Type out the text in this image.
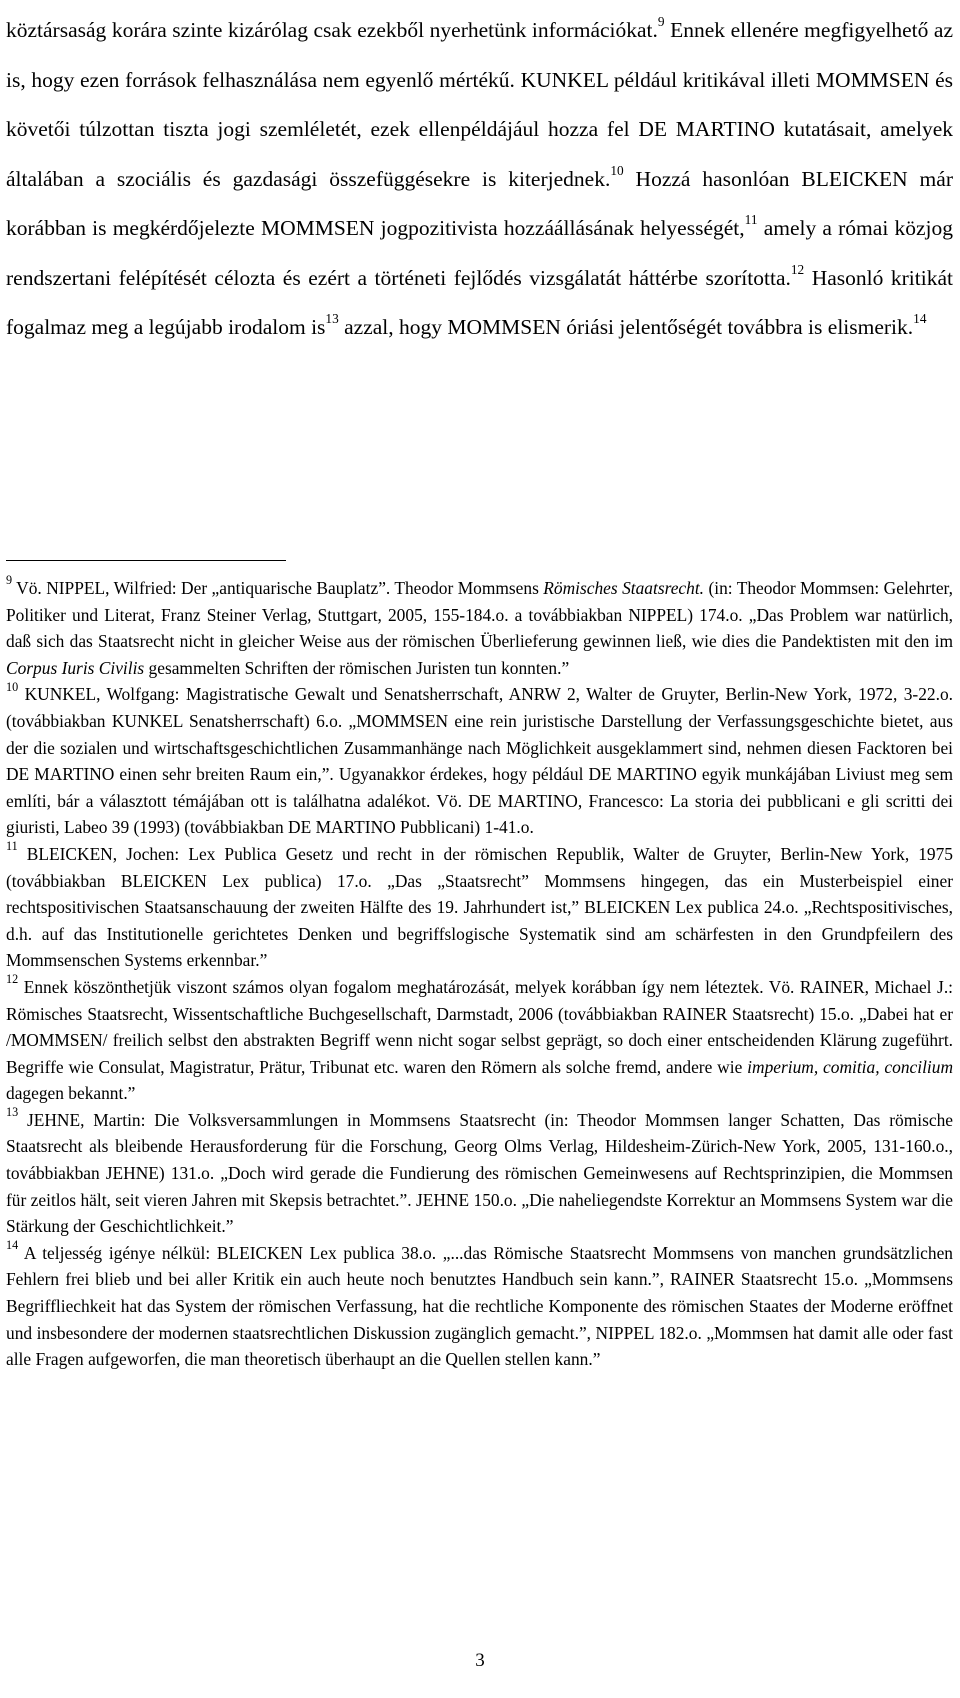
köztársaság korára szinte kizárólag csak ezekből nyerhetünk információkat.$^9$ Ennek ellenére megfigyelhető az is, hogy ezen források felhasználása nem egyenlő mértékű. KUNKEL például kritikával illeti MOMMSEN és követői túlzottan tiszta jogi szemléletét, ezek ellenpéldájául hozza fel DE MARTINO kutatásait, amelyek általában a szociális és gazdasági összefüggésekre is kiterjednek.$^{10}$ Hozzá hasonlóan BLEICKEN már korábban is megkérdőjelezte MOMMSEN jogpozitivista hozzáállásának helyességét,$^{11}$ amely a római közjog rendszertani felépítését célozta és ezért a történeti fejlődés vizsgálatát háttérbe szorította.$^{12}$ Hasonló kritikát fogalmaz meg a legújabb irodalom $is^{13}$ azzal, hogy MOMMSEN óriási jelentőségét továbbra is elismerik.$^{14}$

$^9$ Vö. NIPPEL, Wilfried: Der „antiquarische Bauplatz”. Theodor Mommsens Römisches Staatsrecht. (in: Theodor Mommsen: Gelehrter, Politiker und Literat, Franz Steiner Verlag, Stuttgart, 2005, 155-184.o. a továbbiakban NIPPEL) 174.o. „Das Problem war natürlich, daß sich das Staatsrecht nicht in gleicher Weise aus der römischen Überlieferung gewinnen ließ, wie dies die Pandektisten mit den im Corpus Iuris Civilis gesammelten Schriften der römischen Juristen tun konnten.”

$^{10}$ KUNKEL, Wolfgang: Magistratische Gewalt und Senatsherrschaft, ANRW 2, Walter de Gruyter, Berlin-New York, 1972, 3-22.o. (továbbiakban KUNKEL Senatsherrschaft) 6.o. „MOMMSEN eine rein juristische Darstellung der Verfassungsgeschichte bietet, aus der die sozialen und wirtschaftsgeschichtlichen Zusammanhänge nach Möglichkeit ausgeklammert sind, nehmen diesen Facktoren bei DE MARTINO einen sehr breiten Raum ein,”. Ugyanakkor érdekes, hogy például DE MARTINO egyik munkájában Liviust meg sem említi, bár a választott témájában ott is találhatna adalékot. Vö. DE MARTINO, Francesco: La storia dei pubblicani e gli scritti dei giuristi, Labeo 39 (1993) (továbbiakban DE MARTINO Pubblicani) 1-41.o.

$^{11}$ BLEICKEN, Jochen: Lex Publica Gesetz und recht in der römischen Republik, Walter de Gruyter, Berlin-New York, 1975 (továbbiakban BLEICKEN Lex publica) 17.o. „Das „Staatsrecht” Mommsens hingegen, das ein Musterbeispiel einer rechtspositivischen Staatsanschauung der zweiten Hälfte des 19. Jahrhundert ist,” BLEICKEN Lex publica 24.o. „Rechtspositivisches, d.h. auf das Institutionelle gerichtetes Denken und begriffslogische Systematik sind am schärfesten in den Grundpfeilern des Mommsenschen Systems erkennbar.”

$^{12}$ Ennek köszönthetjük viszont számos olyan fogalom meghatározását, melyek korábban így nem léteztek. Vö. RAINER, Michael J.: Römisches Staatsrecht, Wissentschaftliche Buchgesellschaft, Darmstadt, 2006 (továbbiakban RAINER Staatsrecht) 15.o. „Dabei hat er /MOMMSEN/ freilich selbst den abstrakten Begriff wenn nicht sogar selbst geprägt, so doch einer entscheidenden Klärung zugeführt. Begriffe wie Consulat, Magistratur, Prätur, Tribunat etc. waren den Römern als solche fremd, andere wie imperium, comitia, concilium dagegen bekannt.”

$^{13}$ JEHNE, Martin: Die Volksversammlungen in Mommsens Staatsrecht (in: Theodor Mommsen langer Schatten, Das römische Staatsrecht als bleibende Herausforderung für die Forschung, Georg Olms Verlag, Hildesheim-Zürich-New York, 2005, 131-160.o., továbbiakban JEHNE) 131.o. „Doch wird gerade die Fundierung des römischen Gemeinwesens auf Rechtsprinzipien, die Mommsen für zeitlos hält, seit vieren Jahren mit Skepsis betrachtet.”. JEHNE 150.o. „Die naheliegendste Korrektur an Mommsens System war die Stärkung der Geschichtlichkeit.”

$^{14}$ A teljesség igénye nélkül: BLEICKEN Lex publica 38.o. „...das Römische Staatsrecht Mommsens von manchen grundsätzlichen Fehlern frei blieb und bei aller Kritik ein auch heute noch benutztes Handbuch sein kann.”, RAINER Staatsrecht 15.o. „Mommsens Begriffliechkeit hat das System der römischen Verfassung, hat die rechtliche Komponente des römischen Staates der Moderne eröffnet und insbesondere der modernen staatsrechtlichen Diskussion zugänglich gemacht.”, NIPPEL 182.o. „Mommsen hat damit alle oder fast alle Fragen aufgeworfen, die man theoretisch überhaupt an die Quellen stellen kann.”

3
